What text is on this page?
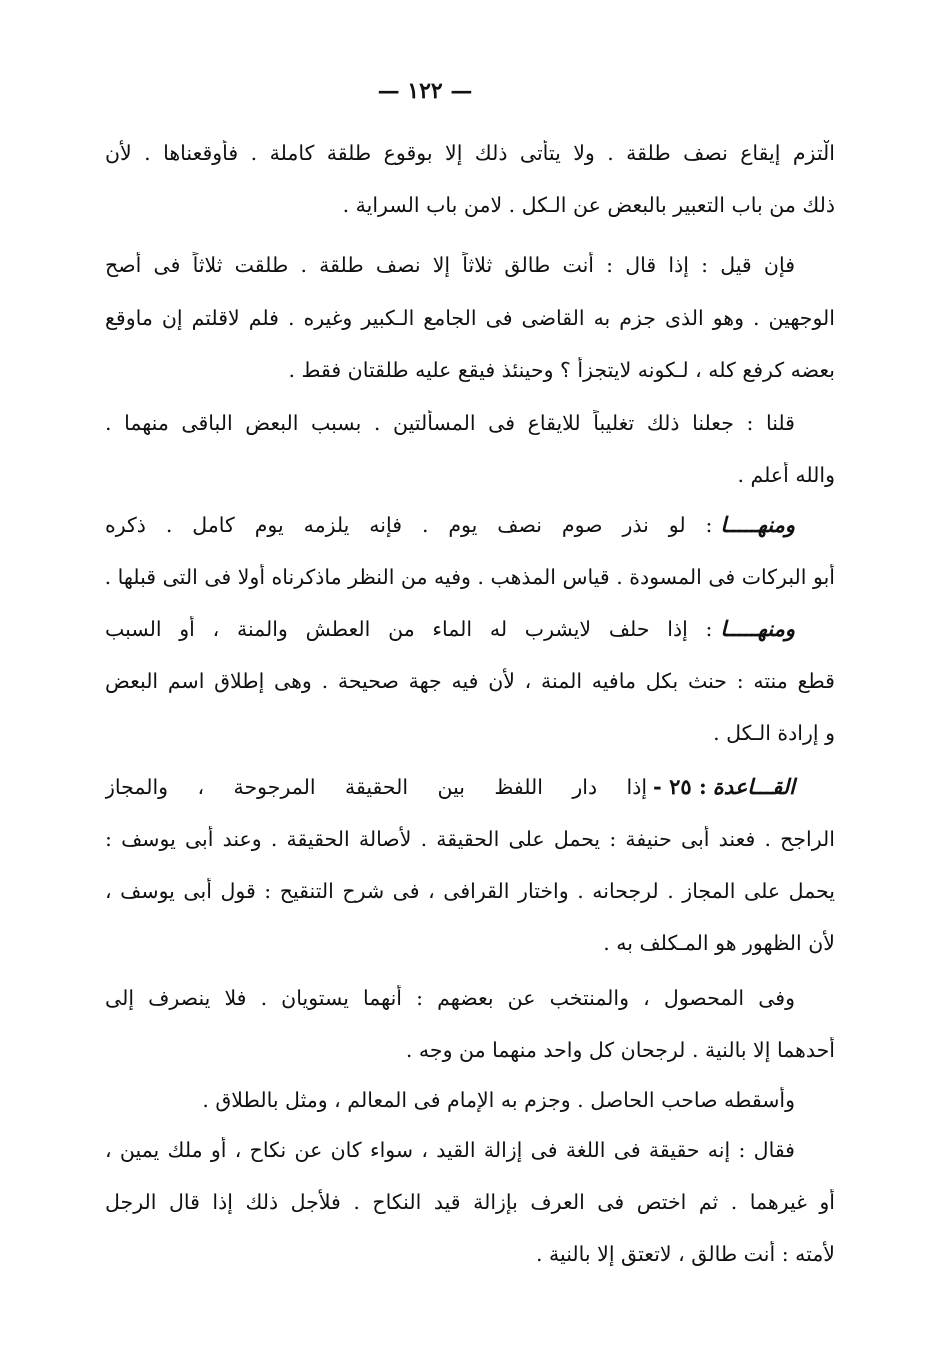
— ١٢٢ —
الْتزم إيقاع نصف طلقة . ولا يتأتى ذلك إلا بوقوع طلقة كاملة . فأوقعناها . لأن
ذلك من باب التعبير بالبعض عن الـكل . لامن باب السراية .
فإن قيل : إذا قال : أنت طالق ثلاثاً إلا نصف طلقة . طلقت ثلاثاً فى أصح
الوجهين . وهو الذى جزم به القاضى فى الجامع الـكبير وغيره . فلم لاقلتم إن ماوقع
بعضه كرفع كله ، لـكونه لايتجزأ ؟ وحينئذ فيقع عليه طلقتان فقط .
قلنا : جعلنا ذلك تغليباً للايقاع فى المسألتين . بسبب البعض الباقى منهما .
والله أعلم .
ومنهـــــا
: لو نذر صوم نصف يوم . فإنه يلزمه يوم كامل . ذكره
أبو البركات فى المسودة . قياس المذهب . وفيه من النظر ماذكرناه أولا فى التى قبلها .
ومنهـــــا
: إذا حلف لايشرب له الماء من العطش والمنة ، أو السبب
قطع منته : حنث بكل مافيه المنة ، لأن فيه جهة صحيحة . وهى إطلاق اسم البعض
و إرادة الـكل .
القـــاعدة
: ٢٥ -
إذا دار اللفظ بين الحقيقة المرجوحة ، والمجاز
الراجح . فعند أبى حنيفة : يحمل على الحقيقة . لأصالة الحقيقة . وعند أبى يوسف :
يحمل على المجاز . لرجحانه . واختار القرافى ، فى شرح التنقيح : قول أبى يوسف ،
لأن الظهور هو المـكلف به .
وفى المحصول ، والمنتخب عن بعضهم : أنهما يستويان . فلا ينصرف إلى
أحدهما إلا بالنية . لرجحان كل واحد منهما من وجه .
وأسقطه صاحب الحاصل . وجزم به الإمام فى المعالم ، ومثل بالطلاق .
فقال : إنه حقيقة فى اللغة فى إزالة القيد ، سواء كان عن نكاح ، أو ملك يمين ،
أو غيرهما . ثم اختص فى العرف بإزالة قيد النكاح . فلأجل ذلك إذا قال الرجل
لأمته : أنت طالق ، لاتعتق إلا بالنية .
